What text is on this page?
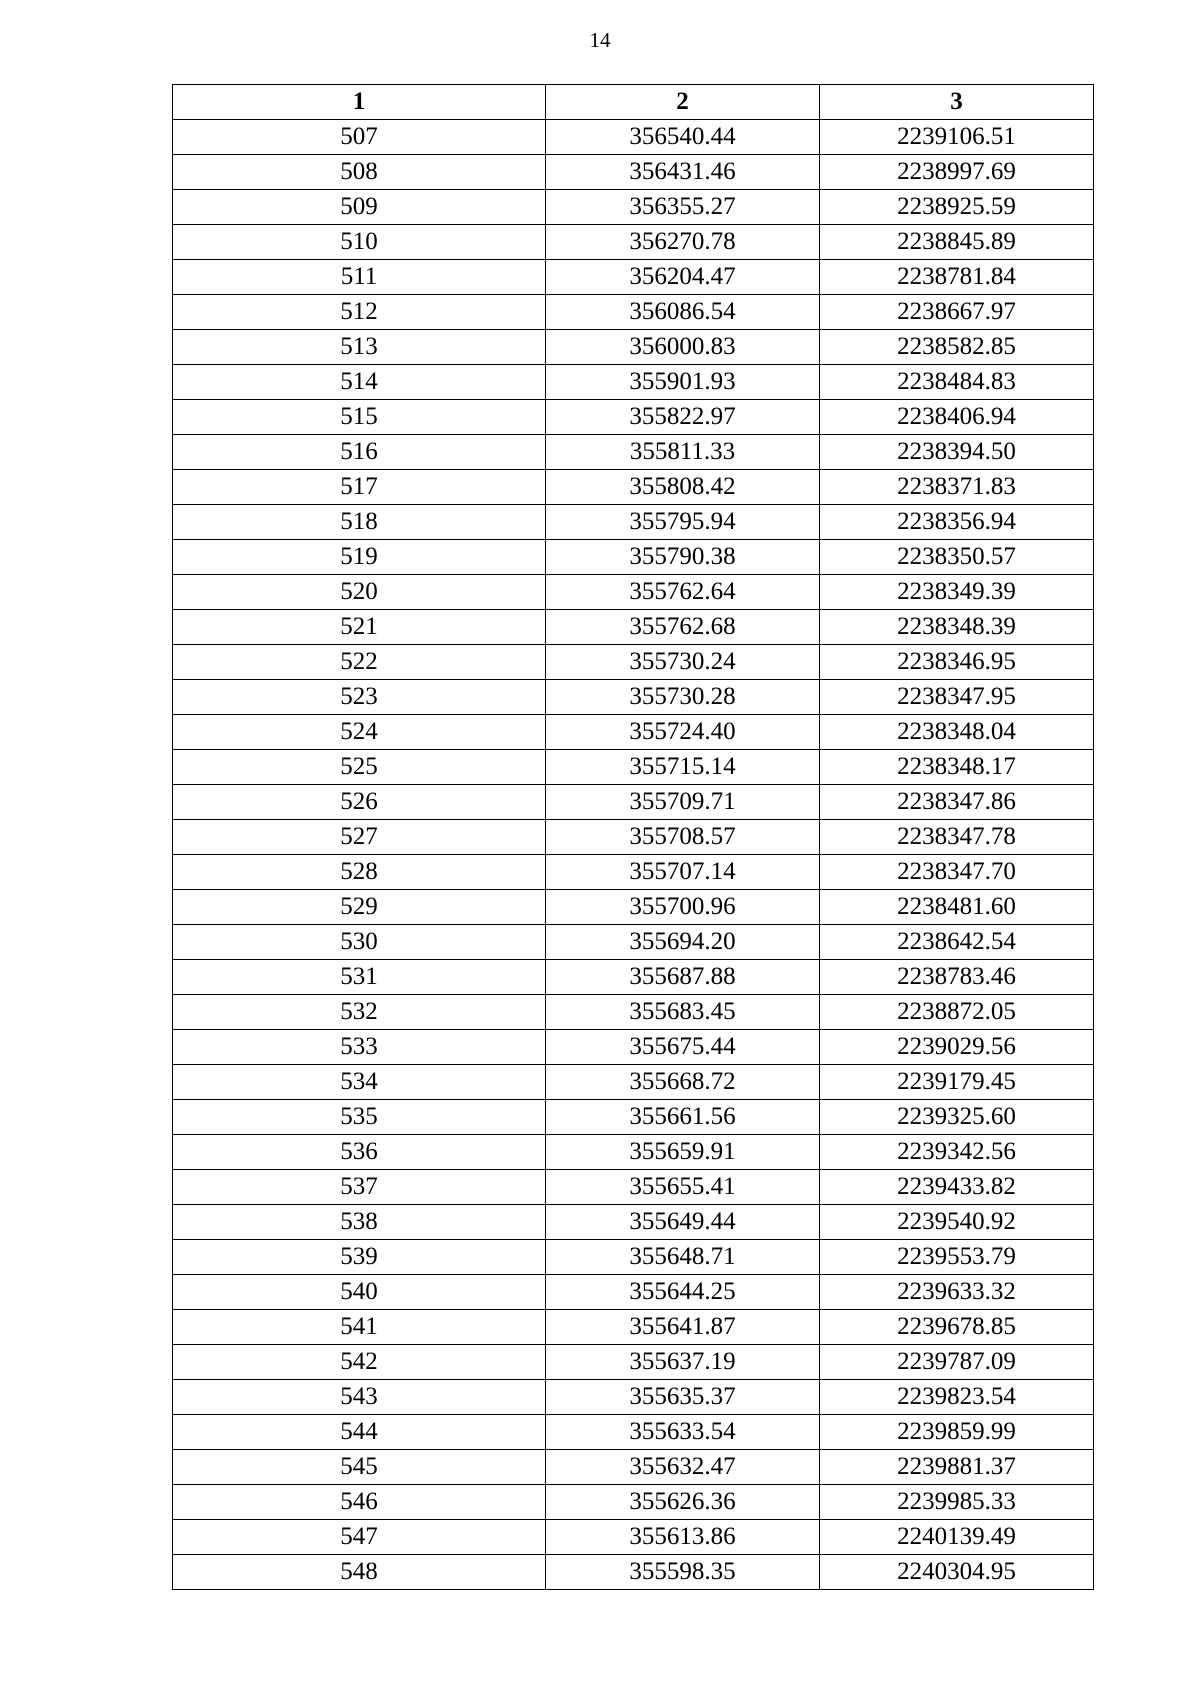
14
1	2	3
507	356540.44	2239106.51
508	356431.46	2238997.69
509	356355.27	2238925.59
510	356270.78	2238845.89
511	356204.47	2238781.84
512	356086.54	2238667.97
513	356000.83	2238582.85
514	355901.93	2238484.83
515	355822.97	2238406.94
516	355811.33	2238394.50
517	355808.42	2238371.83
518	355795.94	2238356.94
519	355790.38	2238350.57
520	355762.64	2238349.39
521	355762.68	2238348.39
522	355730.24	2238346.95
523	355730.28	2238347.95
524	355724.40	2238348.04
525	355715.14	2238348.17
526	355709.71	2238347.86
527	355708.57	2238347.78
528	355707.14	2238347.70
529	355700.96	2238481.60
530	355694.20	2238642.54
531	355687.88	2238783.46
532	355683.45	2238872.05
533	355675.44	2239029.56
534	355668.72	2239179.45
535	355661.56	2239325.60
536	355659.91	2239342.56
537	355655.41	2239433.82
538	355649.44	2239540.92
539	355648.71	2239553.79
540	355644.25	2239633.32
541	355641.87	2239678.85
542	355637.19	2239787.09
543	355635.37	2239823.54
544	355633.54	2239859.99
545	355632.47	2239881.37
546	355626.36	2239985.33
547	355613.86	2240139.49
548	355598.35	2240304.95
